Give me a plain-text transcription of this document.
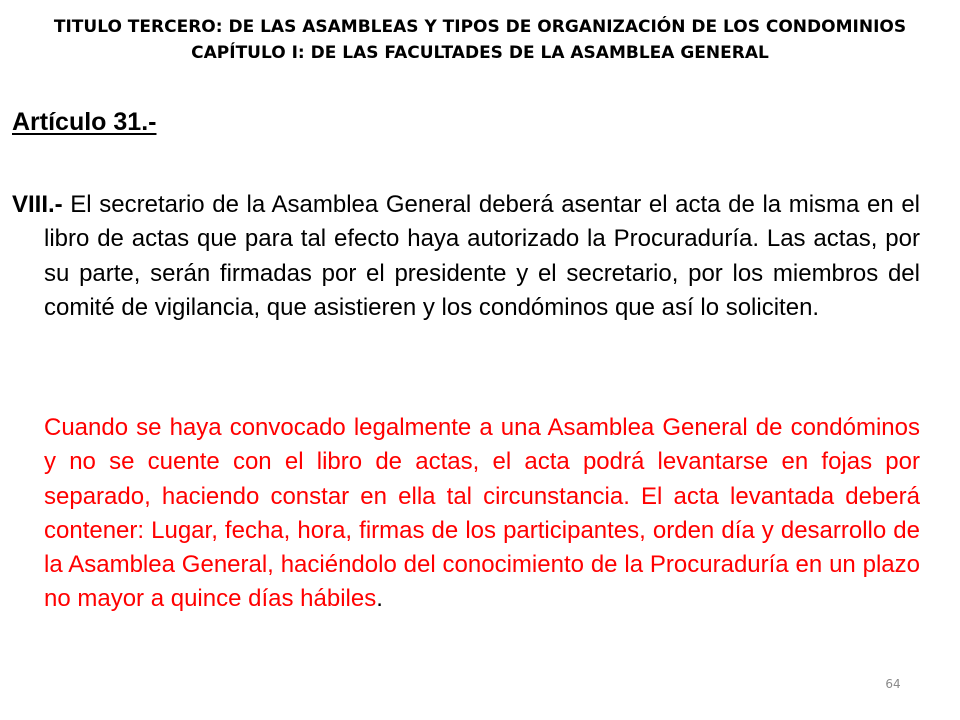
TITULO TERCERO: DE LAS ASAMBLEAS Y TIPOS DE ORGANIZACIÓN DE LOS CONDOMINIOS
CAPÍTULO I: DE LAS FACULTADES DE LA ASAMBLEA GENERAL
Artículo 31.-

VIII.- El secretario de la Asamblea General deberá asentar el acta de la misma en el libro de actas que para tal efecto haya autorizado la Procuraduría. Las actas, por su parte, serán firmadas por el presidente y el secretario, por los miembros del comité de vigilancia, que asistieren y los condóminos que así lo soliciten.

Cuando se haya convocado legalmente a una Asamblea General de condóminos y no se cuente con el libro de actas, el acta podrá levantarse en fojas por separado, haciendo constar en ella tal circunstancia. El acta levantada deberá contener: Lugar, fecha, hora, firmas de los participantes, orden día y desarrollo de la Asamblea General, haciéndolo del conocimiento de la Procuraduría en un plazo no mayor a quince días hábiles.

64
